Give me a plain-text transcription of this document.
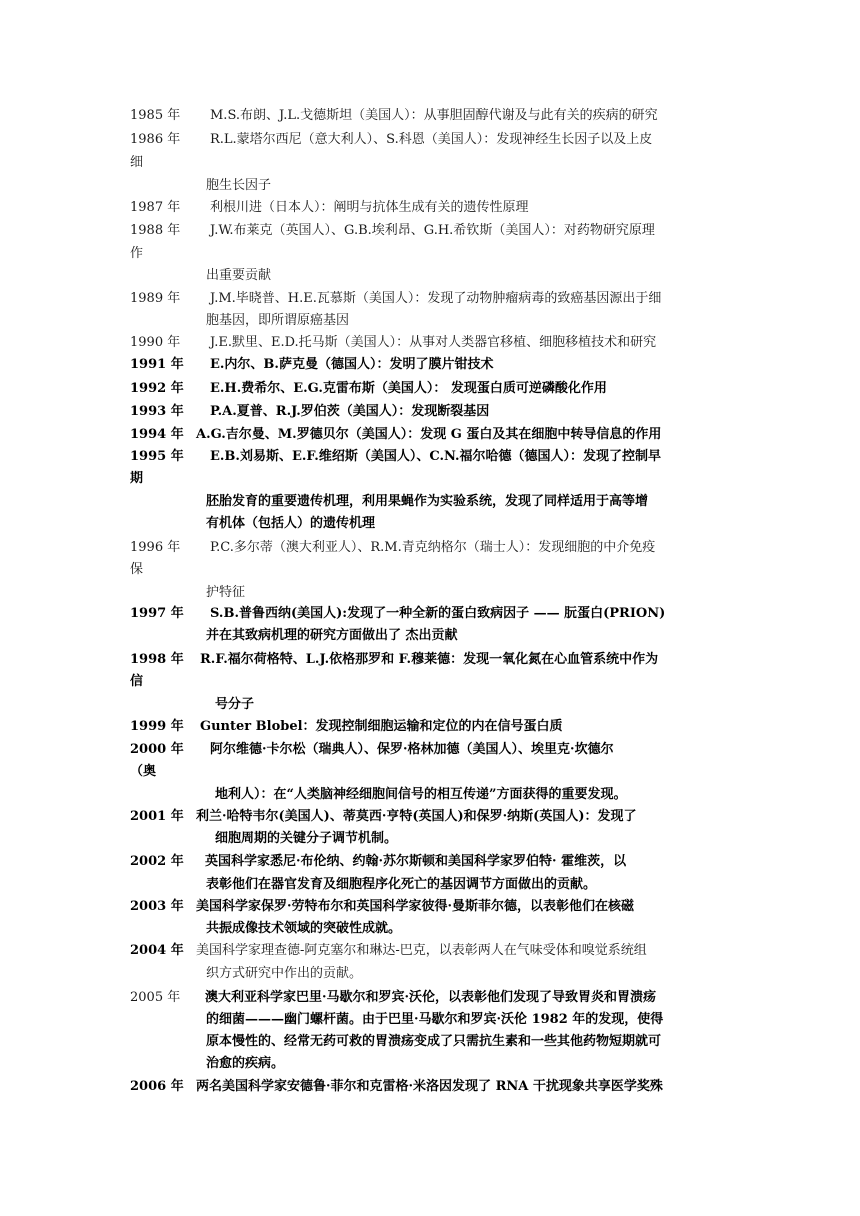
1985 年 M.S.布朗、J.L.戈德斯坦（美国人）：从事胆固醇代谢及与此有关的疾病的研究
1986 年 R.L.蒙塔尔西尼（意大利人）、S.科恩（美国人）：发现神经生长因子以及上皮
细
胞生长因子
1987 年 利根川进（日本人）：阐明与抗体生成有关的遗传性原理
1988 年 J.W.布莱克（英国人）、G.B.埃利昂、G.H.希钦斯（美国人）：对药物研究原理
作
出重要贡献
1989 年 J.M.毕晓普、H.E.瓦慕斯（美国人）：发现了动物肿瘤病毒的致癌基因源出于细
胞基因，即所谓原癌基因
1990 年 J.E.默里、E.D.托马斯（美国人）：从事对人类器官移植、细胞移植技术和研究
1991 年 E.内尔、B.萨克曼（德国人）：发明了膜片钳技术
1992 年 E.H.费希尔、E.G.克雷布斯（美国人）： 发现蛋白质可逆磷酸化作用
1993 年 P.A.夏普、R.J.罗伯茨（美国人）：发现断裂基因
1994 年 A.G.吉尔曼、M.罗德贝尔（美国人）：发现 G 蛋白及其在细胞中转导信息的作用
1995 年 E.B.刘易斯、E.F.维绍斯（美国人）、C.N.福尔哈德（德国人）：发现了控制早
期
胚胎发育的重要遗传机理，利用果蝇作为实验系统，发现了同样适用于高等增
有机体（包括人）的遗传机理
1996 年 P.C.多尔蒂（澳大利亚人）、R.M.青克纳格尔（瑞士人）：发现细胞的中介免疫
保
护特征
1997 年 S.B.普鲁西纳(美国人):发现了一种全新的蛋白致病因子 —— 朊蛋白(PRION)
并在其致病机理的研究方面做出了 杰出贡献
1998 年 R.F.福尔荷格特、L.J.依格那罗和 F.穆莱德：发现一氧化氮在心血管系统中作为
信
号分子
1999 年 Gunter Blobel：发现控制细胞运输和定位的内在信号蛋白质
2000 年 阿尔维德·卡尔松（瑞典人）、保罗·格林加德（美国人）、埃里克·坎德尔
（奥
地利人）：在“人类脑神经细胞间信号的相互传递”方面获得的重要发现。
2001 年 利兰·哈特韦尔(美国人)、蒂莫西·亨特(英国人)和保罗·纳斯(英国人)：发现了
细胞周期的关键分子调节机制。
2002 年 英国科学家悉尼·布伦纳、约翰·苏尔斯顿和美国科学家罗伯特· 霍维茨，以
表彰他们在器官发育及细胞程序化死亡的基因调节方面做出的贡献。
2003 年 美国科学家保罗·劳特布尔和英国科学家彼得·曼斯菲尔德，以表彰他们在核磁
共振成像技术领域的突破性成就。
2004 年 美国科学家理查德-阿克塞尔和琳达-巴克，以表彰两人在气味受体和嗅觉系统组
织方式研究中作出的贡献。
2005 年 澳大利亚科学家巴里·马歇尔和罗宾·沃伦，以表彰他们发现了导致胃炎和胃溃疡
的细菌———幽门螺杆菌。由于巴里·马歇尔和罗宾·沃伦 1982 年的发现，使得
原本慢性的、经常无药可救的胃溃疡变成了只需抗生素和一些其他药物短期就可
治愈的疾病。
2006 年 两名美国科学家安德鲁·菲尔和克雷格·米洛因发现了 RNA 干扰现象共享医学奖殊
